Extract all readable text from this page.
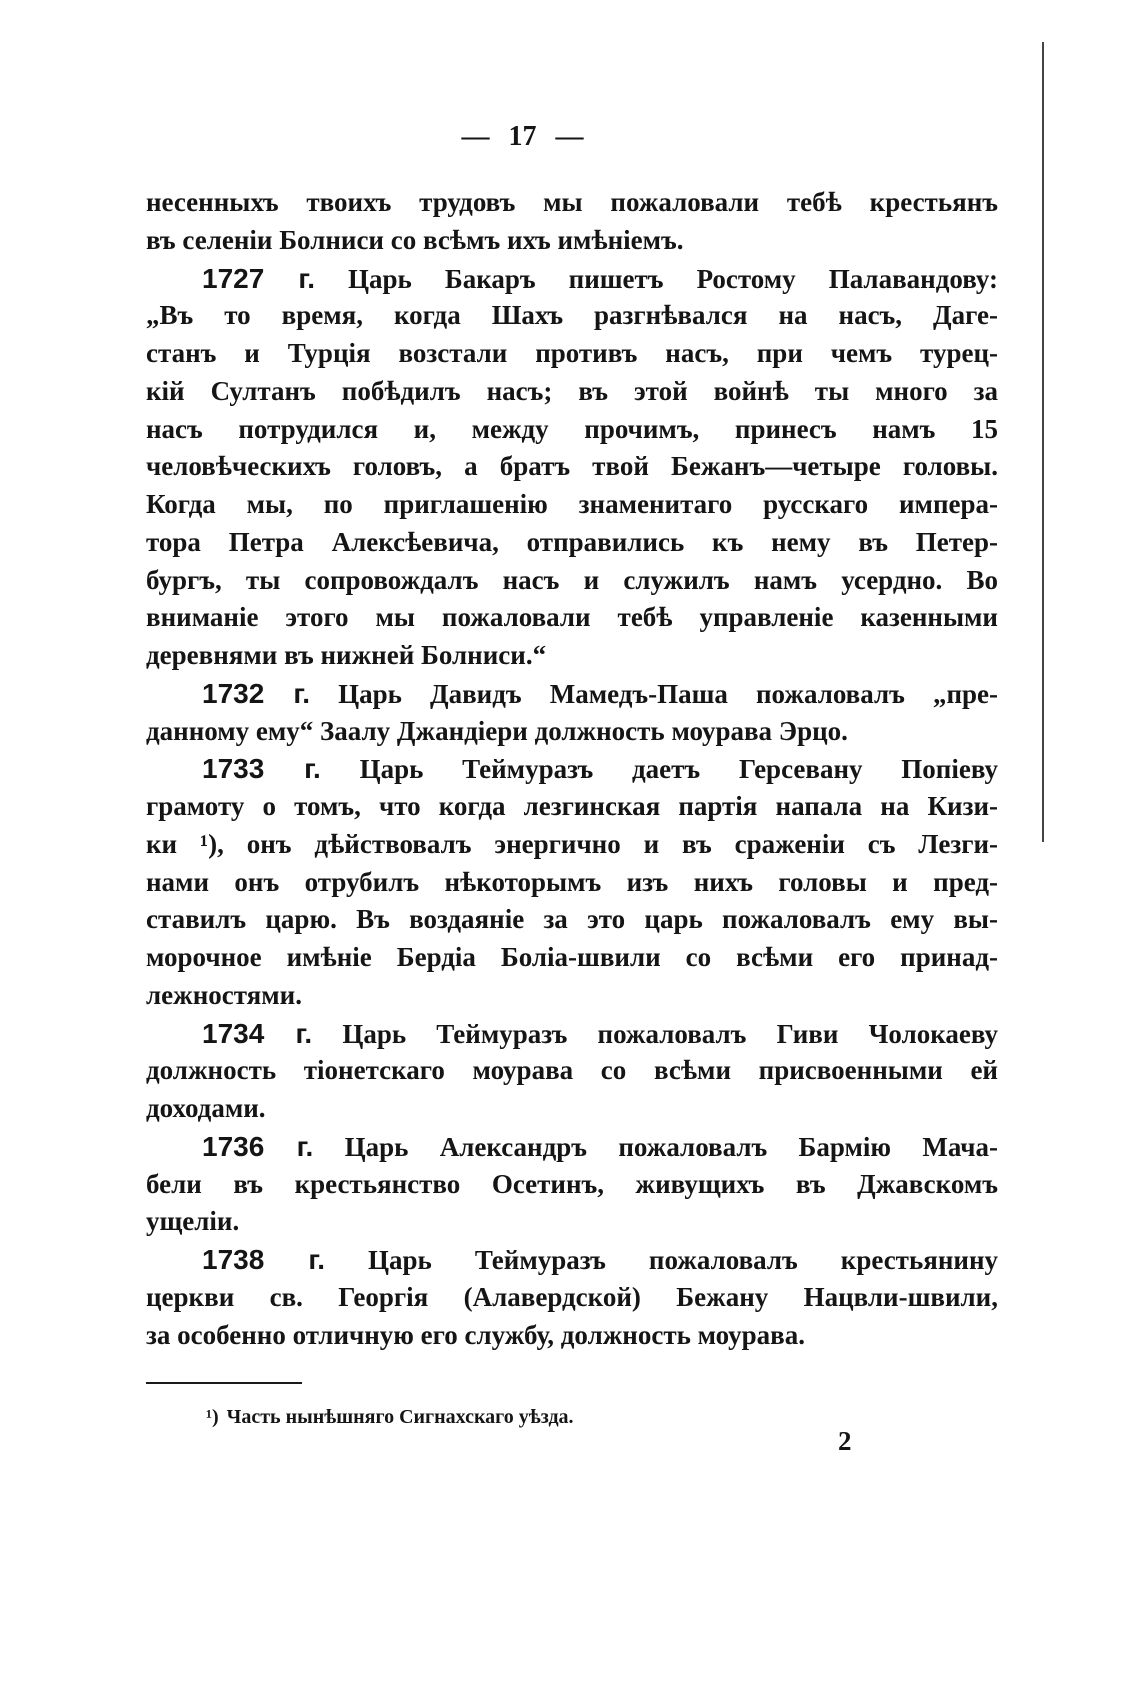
— 17 —
несенныхъ твоихъ трудовъ мы пожаловали тебѣ крестьянъ
въ селеніи Болниси со всѣмъ ихъ имѣніемъ.
1727 г. Царь Бакаръ пишетъ Ростому Палавандову:
„Въ то время, когда Шахъ разгнѣвался на насъ, Даге-
станъ и Турція возстали противъ насъ, при чемъ турец-
кій Султанъ побѣдилъ насъ; въ этой войнѣ ты много за
насъ потрудился и, между прочимъ, принесъ намъ 15
человѣческихъ головъ, а братъ твой Бежанъ—четыре головы.
Когда мы, по приглашенію знаменитаго русскаго импера-
тора Петра Алексѣевича, отправились къ нему въ Петер-
бургъ, ты сопровождалъ насъ и служилъ намъ усердно. Во
вниманіе этого мы пожаловали тебѣ управленіе казенными
деревнями въ нижней Болниси.“
1732 г. Царь Давидъ Мамедъ-Паша пожаловалъ „пре-
данному ему“ Заалу Джандіери должность моурава Эрцо.
1733 г. Царь Теймуразъ даетъ Герсевану Попіеву
грамоту о томъ, что когда лезгинская партія напала на Кизи-
ки ¹), онъ дѣйствовалъ энергично и въ сраженіи съ Лезги-
нами онъ отрубилъ нѣкоторымъ изъ нихъ головы и пред-
ставилъ царю. Въ воздаяніе за это царь пожаловалъ ему вы-
морочное имѣніе Бердіа Боліа-швили со всѣми его принад-
лежностями.
1734 г. Царь Теймуразъ пожаловалъ Гиви Чолокаеву
должность тіонетскаго моурава со всѣми присвоенными ей
доходами.
1736 г. Царь Александръ пожаловалъ Бармію Мача-
бели въ крестьянство Осетинъ, живущихъ въ Джавскомъ
ущеліи.
1738 г. Царь Теймуразъ пожаловалъ крестьянину
церкви св. Георгія (Алавердской) Бежану Нацвли-швили,
за особенно отличную его службу, должность моурава.
¹) Часть нынѣшняго Сигнахскаго уѣзда.
2
